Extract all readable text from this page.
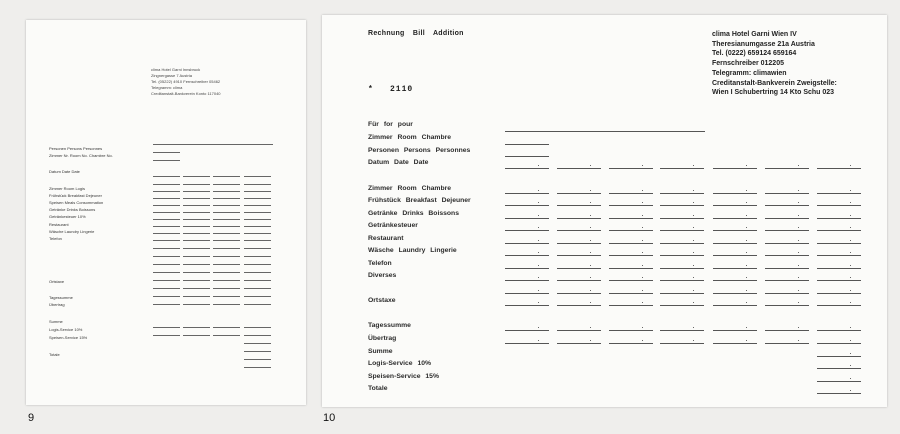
clima Hotel Garni Innsbruck
Zingnergasse 7 Austria
Tel. (05222) 4910 Fernschreiber 05462
Telegramm: clima
Creditanstalt-Bankverein Konto 117040
Personen Persons Personnes
Zimmer Nr. Room No. Chambre No.
Datum Date Date
Zimmer Room Logis
Frühstück Breakfast Dejeuner
Speisen Meals Consommation
Getränke Drinks Boissons
Getränkesteuer 10%
Restaurant
Wäsche Laundry Lingerie
Telefon
Ortstaxe
Tagessumme
Übertrag
Summe
Logis-Service 10%
Speisen-Service 15%
Totale
Rechnung Bill Addition	clima Hotel Garni Wien IV
Theresianumgasse 21a Austria
Tel. (0222) 659124 659164
Fernschreiber 012205
Telegramm: climawien
Creditanstalt-Bankverein Zweigstelle:
Wien I Schubertring 14 Kto Schu 023
* 2110
Für for pour
Zimmer Room Chambre
Personen Persons Personnes
Datum Date Date
Zimmer Room Chambre
Frühstück Breakfast Dejeuner
Getränke Drinks Boissons
Getränkesteuer
Restaurant
Wäsche Laundry Lingerie
Telefon
Diverses
Ortstaxe
Tagessumme
Übertrag
Summe
Logis-Service 10%
Speisen-Service 15%
Totale
9	10
